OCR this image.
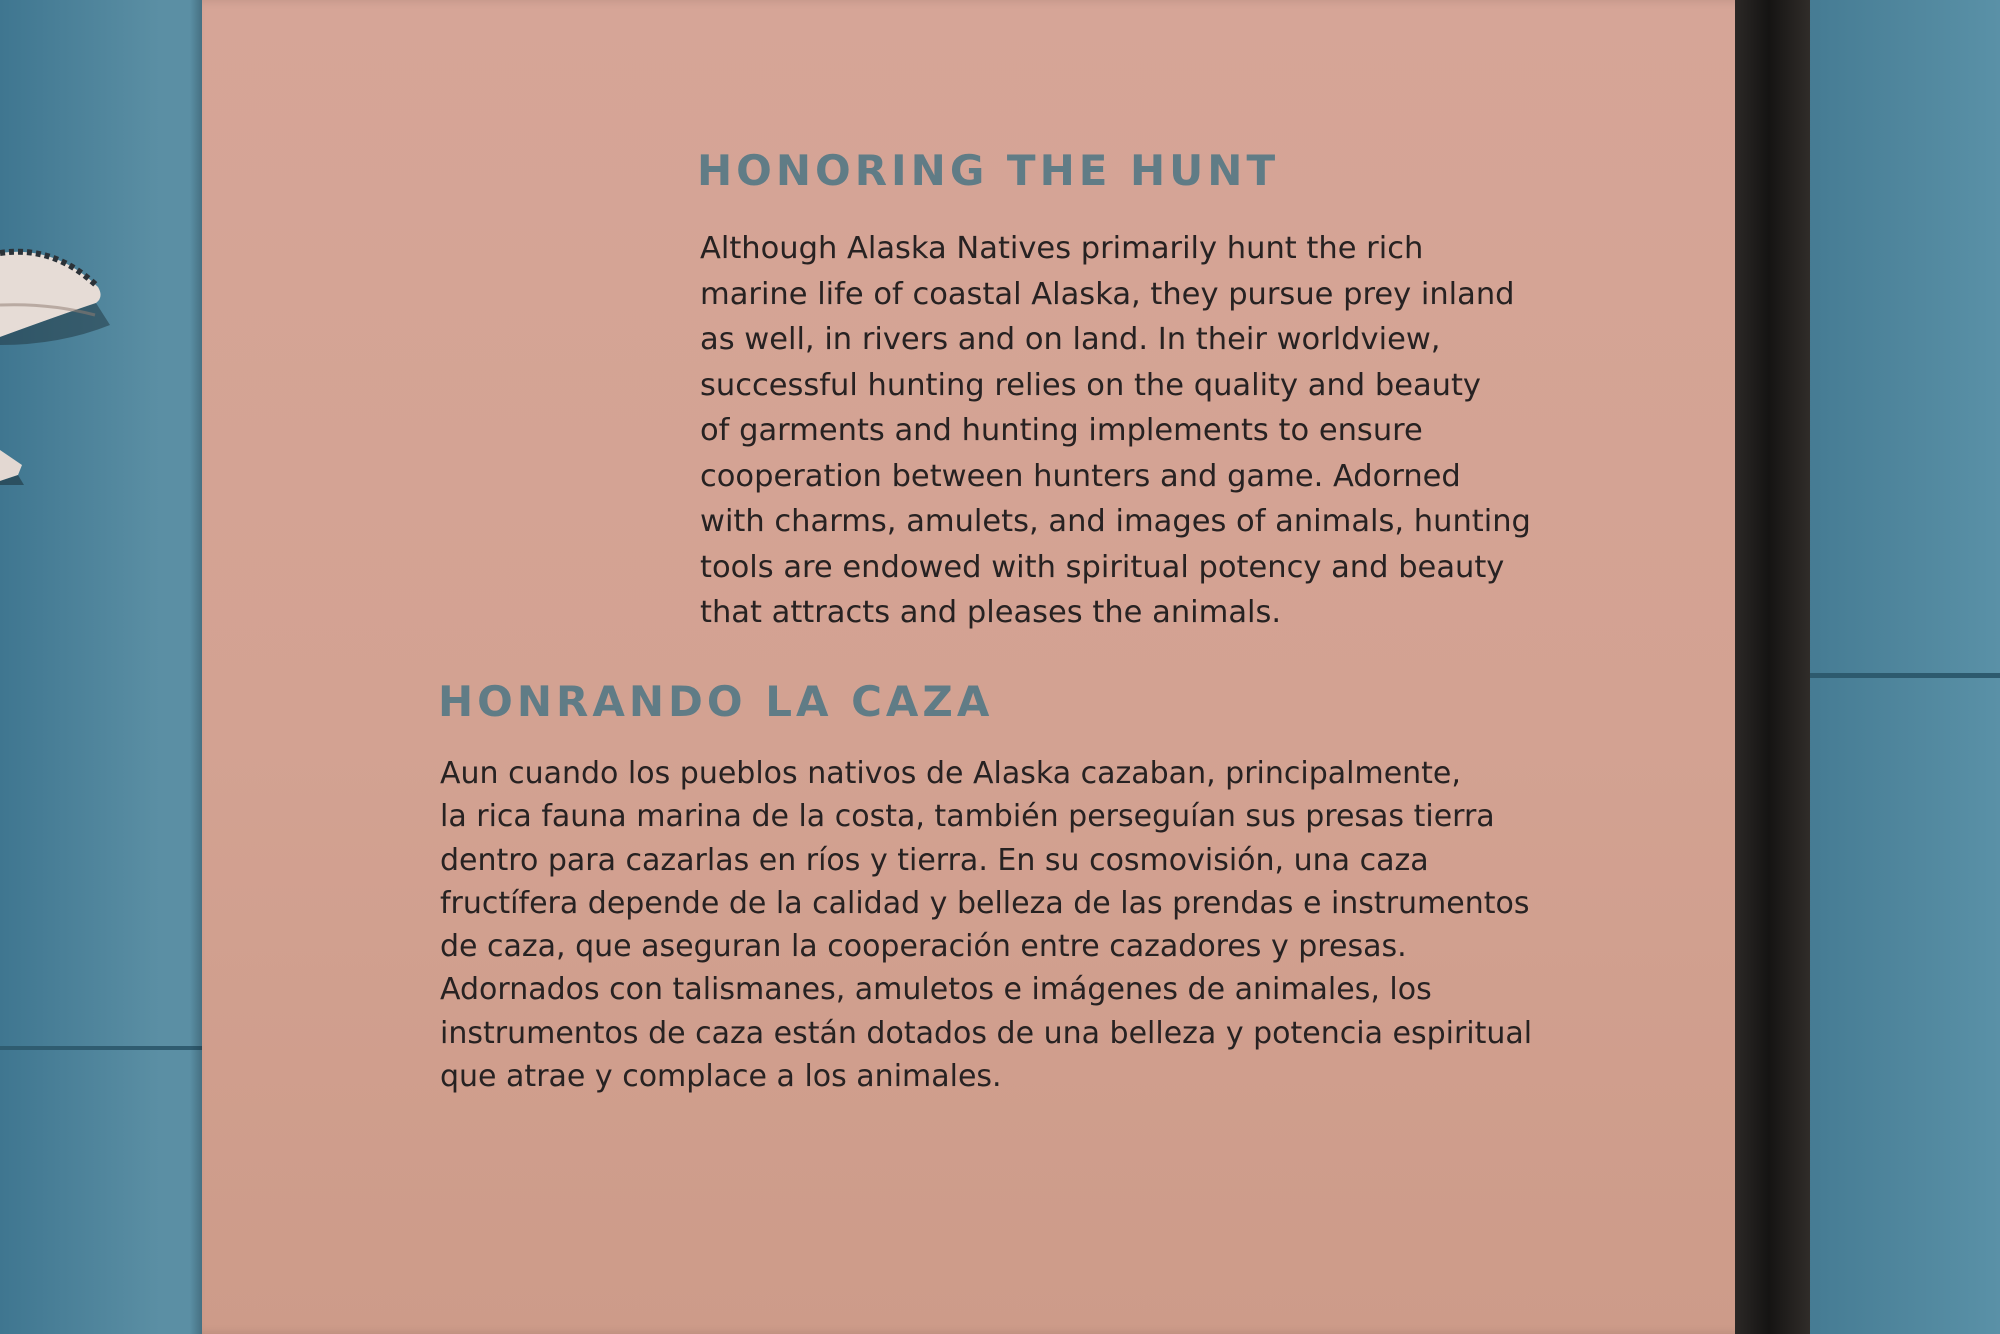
HONORING THE HUNT

Although Alaska Natives primarily hunt the rich
marine life of coastal Alaska, they pursue prey inland
as well, in rivers and on land. In their worldview,
successful hunting relies on the quality and beauty
of garments and hunting implements to ensure
cooperation between hunters and game. Adorned
with charms, amulets, and images of animals, hunting
tools are endowed with spiritual potency and beauty
that attracts and pleases the animals.

HONRANDO LA CAZA

Aun cuando los pueblos nativos de Alaska cazaban, principalmente,
la rica fauna marina de la costa, también perseguían sus presas tierra
dentro para cazarlas en ríos y tierra. En su cosmovisión, una caza
fructífera depende de la calidad y belleza de las prendas e instrumentos
de caza, que aseguran la cooperación entre cazadores y presas.
Adornados con talismanes, amuletos e imágenes de animales, los
instrumentos de caza están dotados de una belleza y potencia espiritual
que atrae y complace a los animales.
